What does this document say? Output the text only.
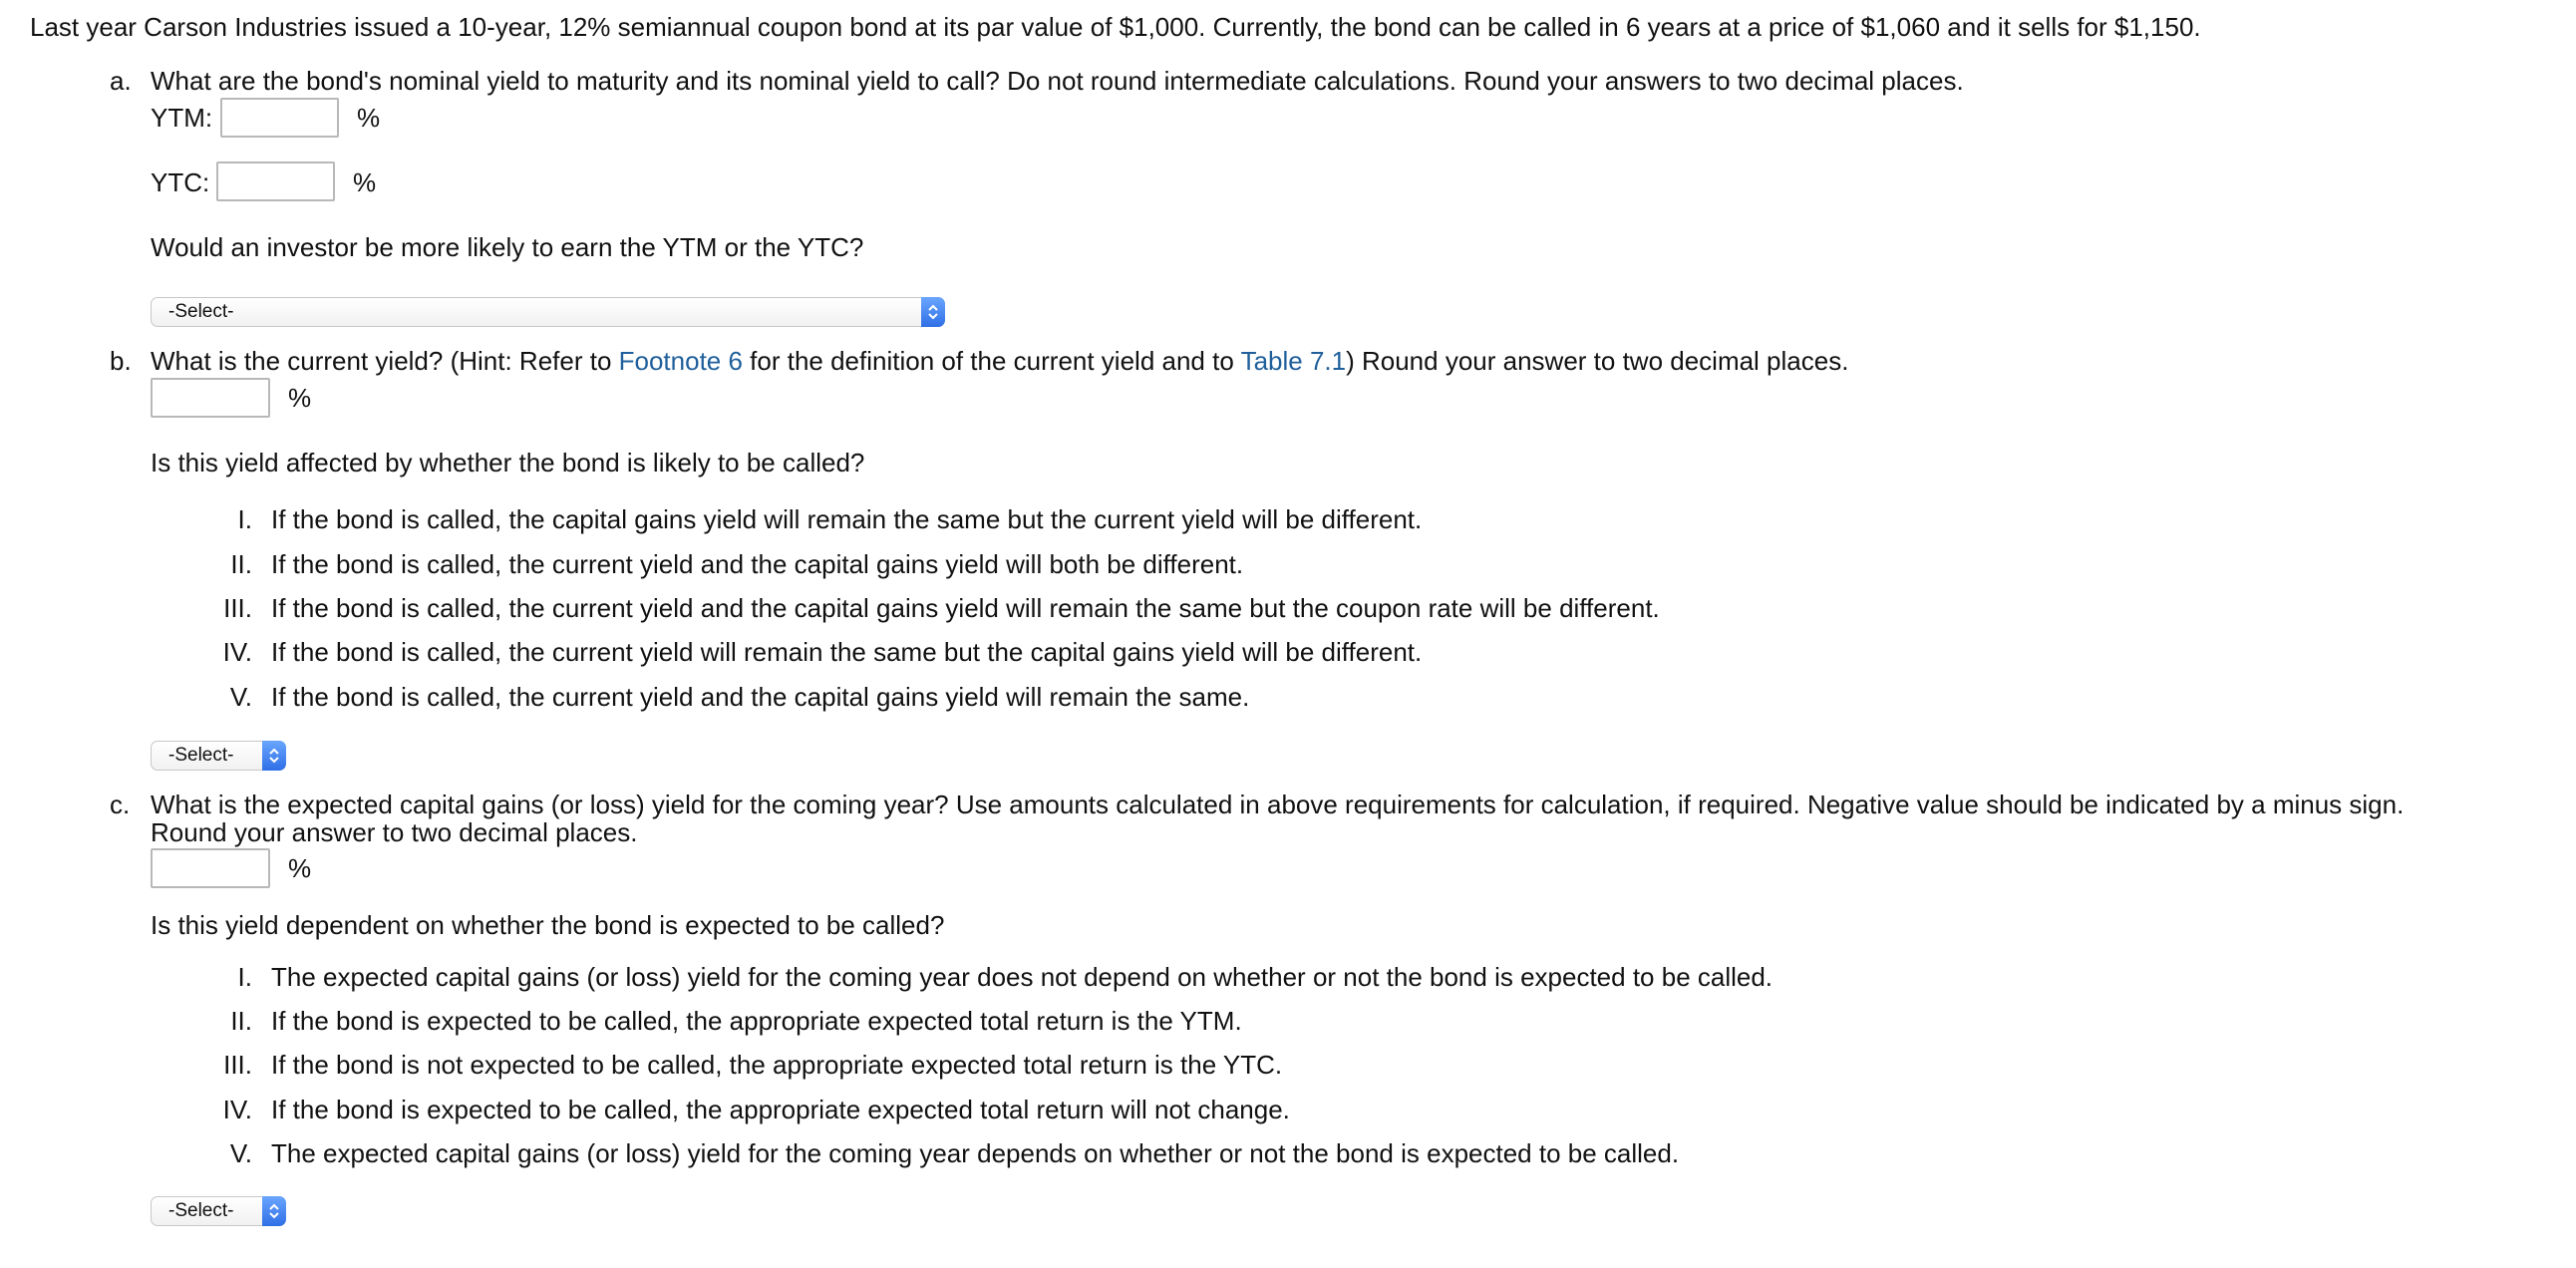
Last year Carson Industries issued a 10-year, 12% semiannual coupon bond at its par value of $1,000. Currently, the bond can be called in 6 years at a price of $1,060 and it sells for $1,150.
a. What are the bond's nominal yield to maturity and its nominal yield to call? Do not round intermediate calculations. Round your answers to two decimal places.
YTM:	%
YTC:	%
Would an investor be more likely to earn the YTM or the YTC?
-Select-
b. What is the current yield? (Hint: Refer to Footnote 6 for the definition of the current yield and to Table 7.1) Round your answer to two decimal places.
%
Is this yield affected by whether the bond is likely to be called?
I. If the bond is called, the capital gains yield will remain the same but the current yield will be different.
II. If the bond is called, the current yield and the capital gains yield will both be different.
III. If the bond is called, the current yield and the capital gains yield will remain the same but the coupon rate will be different.
IV. If the bond is called, the current yield will remain the same but the capital gains yield will be different.
V. If the bond is called, the current yield and the capital gains yield will remain the same.
-Select-
c. What is the expected capital gains (or loss) yield for the coming year? Use amounts calculated in above requirements for calculation, if required. Negative value should be indicated by a minus sign.
Round your answer to two decimal places.
%
Is this yield dependent on whether the bond is expected to be called?
I. The expected capital gains (or loss) yield for the coming year does not depend on whether or not the bond is expected to be called.
II. If the bond is expected to be called, the appropriate expected total return is the YTM.
III. If the bond is not expected to be called, the appropriate expected total return is the YTC.
IV. If the bond is expected to be called, the appropriate expected total return will not change.
V. The expected capital gains (or loss) yield for the coming year depends on whether or not the bond is expected to be called.
-Select-
